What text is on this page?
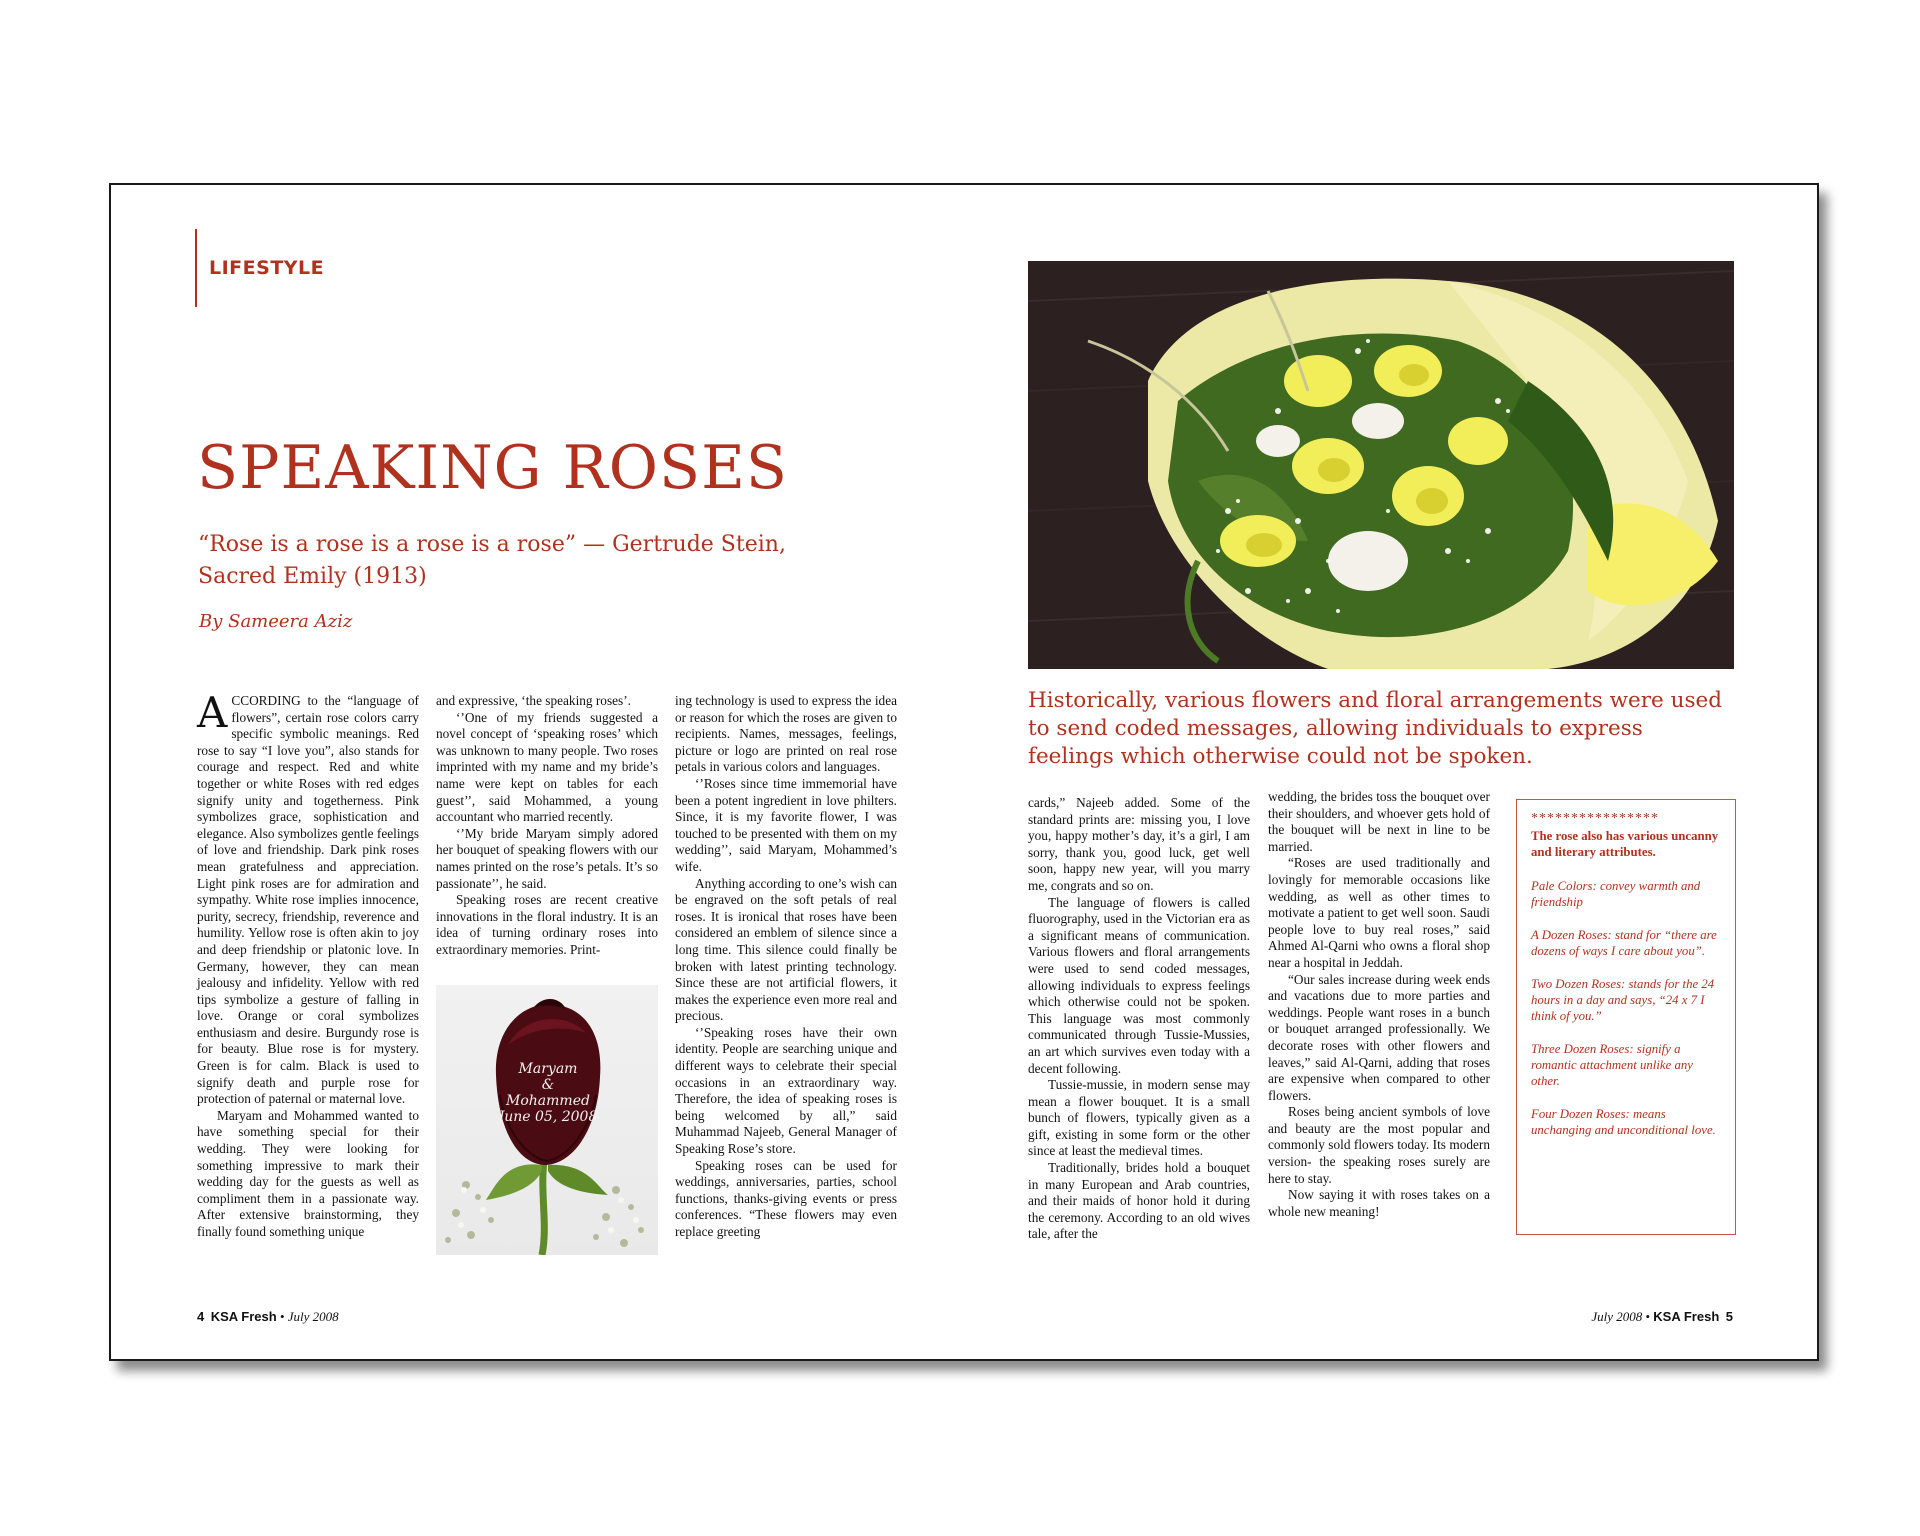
LIFESTYLE
SPEAKING ROSES
“Rose is a rose is a rose is a rose” — Gertrude Stein, Sacred Emily (1913)
By Sameera Aziz

ACCORDING to the “language of flowers”, certain rose colors carry specific symbolic meanings. Red rose to say “I love you”, also stands for courage and respect. Red and white together or white Roses with red edges signify unity and togetherness. Pink symbolizes grace, sophistication and elegance. Also symbolizes gentle feelings of love and friendship. Dark pink roses mean gratefulness and appreciation. Light pink roses are for admiration and sympathy. White rose implies innocence, purity, secrecy, friendship, reverence and humility. Yellow rose is often akin to joy and deep friendship or platonic love. In Germany, however, they can mean jealousy and infidelity. Yellow with red tips symbolize a gesture of falling in love. Orange or coral symbolizes enthusiasm and desire. Burgundy rose is for beauty. Blue rose is for mystery. Green is for calm. Black is used to signify death and purple rose for protection of paternal or maternal love.

Maryam and Mohammed wanted to have something special for their wedding. They were looking for something impressive to mark their wedding day for the guests as well as compliment them in a passionate way. After extensive brainstorming, they finally found something unique

and expressive, ‘the speaking roses’.

‘’One of my friends suggested a novel concept of ‘speaking roses’ which was unknown to many people. Two roses imprinted with my name and my bride’s name were kept on tables for each guest’’, said Mohammed, a young accountant who married recently.

‘’My bride Maryam simply adored her bouquet of speaking flowers with our names printed on the rose’s petals. It’s so passionate’’, he said.

Speaking roses are recent creative innovations in the floral industry. It is an idea of turning ordinary roses into extraordinary memories. Print-

Maryam
&
Mohammed
June 05, 2008

ing technology is used to express the idea or reason for which the roses are given to recipients. Names, messages, feelings, picture or logo are printed on real rose petals in various colors and languages.

‘’Roses since time immemorial have been a potent ingredient in love philters. Since, it is my favorite flower, I was touched to be presented with them on my wedding’’, said Maryam, Mohammed’s wife.

Anything according to one’s wish can be engraved on the soft petals of real roses. It is ironical that roses have been considered an emblem of silence since a long time. This silence could finally be broken with latest printing technology. Since these are not artificial flowers, it makes the experience even more real and precious.

‘’Speaking roses have their own identity. People are searching unique and different ways to celebrate their special occasions in an extraordinary way. Therefore, the idea of speaking roses is being welcomed by all,” said Muhammad Najeeb, General Manager of Speaking Rose’s store.

Speaking roses can be used for weddings, anniversaries, parties, school functions, thanks-giving events or press conferences. “These flowers may even replace greeting

Historically, various flowers and floral arrangements were used to send coded messages, allowing individuals to express feelings which otherwise could not be spoken.

cards,” Najeeb added. Some of the standard prints are: missing you, I love you, happy mother’s day, it’s a girl, I am sorry, thank you, good luck, get well soon, happy new year, will you marry me, congrats and so on.

The language of flowers is called fluorography, used in the Victorian era as a significant means of communication. Various flowers and floral arrangements were used to send coded messages, allowing individuals to express feelings which otherwise could not be spoken. This language was most commonly communicated through Tussie-Mussies, an art which survives even today with a decent following.

Tussie-mussie, in modern sense may mean a flower bouquet. It is a small bunch of flowers, typically given as a gift, existing in some form or the other since at least the medieval times.

Traditionally, brides hold a bouquet in many European and Arab countries, and their maids of honor hold it during the ceremony. According to an old wives tale, after the

wedding, the brides toss the bouquet over their shoulders, and whoever gets hold of the bouquet will be next in line to be married.

“Roses are used traditionally and lovingly for memorable occasions like wedding, as well as other times to motivate a patient to get well soon. Saudi people love to buy real roses,” said Ahmed Al-Qarni who owns a floral shop near a hospital in Jeddah.

“Our sales increase during week ends and vacations due to more parties and weddings. People want roses in a bunch or bouquet arranged professionally. We decorate roses with other flowers and leaves,” said Al-Qarni, adding that roses are expensive when compared to other flowers.

Roses being ancient symbols of love and beauty are the most popular and commonly sold flowers today. Its modern version- the speaking roses surely are here to stay.

Now saying it with roses takes on a whole new meaning!

****************
The rose also has various uncanny and literary attributes.
Pale Colors: convey warmth and friendship
A Dozen Roses: stand for “there are dozens of ways I care about you”.
Two Dozen Roses: stands for the 24 hours in a day and says, “24 x 7 I think of you.”
Three Dozen Roses: signify a romantic attachment unlike any other.
Four Dozen Roses: means unchanging and unconditional love.
4 KSA Fresh • July 2008	July 2008 • KSA Fresh 5
